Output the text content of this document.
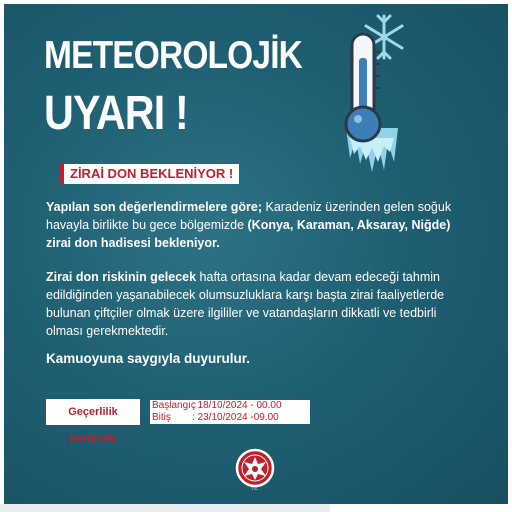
METEOROLOJİK
UYARI !
ZİRAİ DON BEKLENİYOR !
Yapılan son değerlendirmelere göre; Karadeniz üzerinden gelen soğuk havayla birlikte bu gece bölgemizde (Konya, Karaman, Aksaray, Niğde) zirai don hadisesi bekleniyor.
Zirai don riskinin gelecek hafta ortasına kadar devam edeceği tahmin edildiğinden yaşanabilecek olumsuzluklara karşı başta zirai faaliyetlerde bulunan çiftçiler olmak üzere ilgililer ve vatandaşların dikkatli ve tedbirli olması gerekmektedir.
Kamuoyuna saygıyla duyurulur.
Geçerlilik periyodu
Başlangıç: 18/10/2024 - 00.00
Bitiş : 23/10/2024 -09.00
T.C.
